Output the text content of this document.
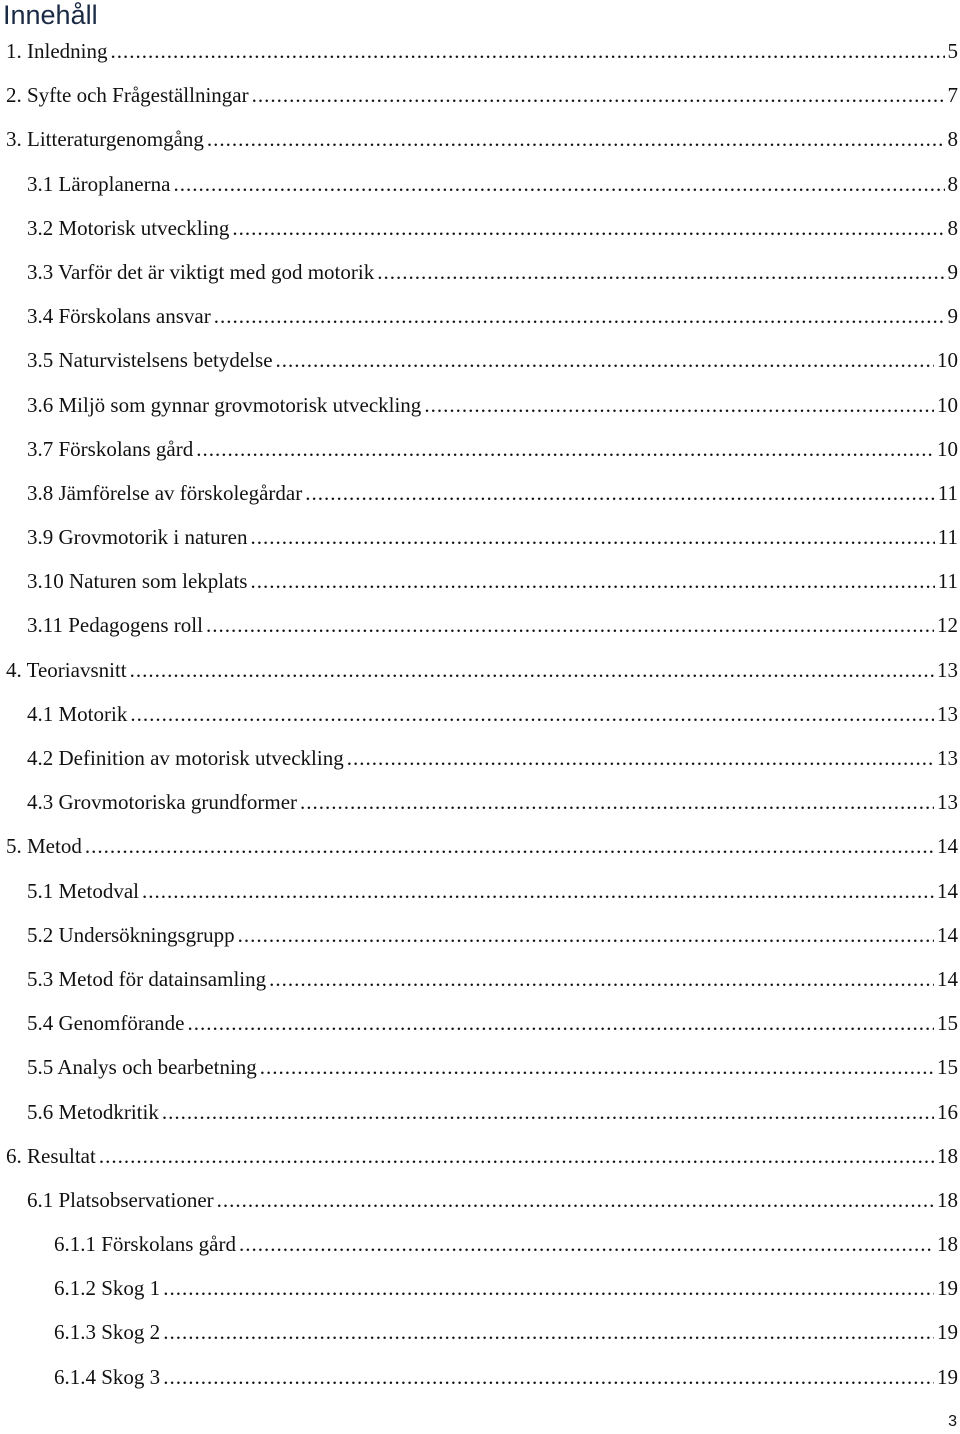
Innehåll
1. Inledning .....	5
2. Syfte och Frågeställningar .....	7
3. Litteraturgenomgång .....	8
3.1 Läroplanerna .....	8
3.2 Motorisk utveckling .....	8
3.3 Varför det är viktigt med god motorik .....	9
3.4 Förskolans ansvar .....	9
3.5 Naturvistelsens betydelse .....	10
3.6 Miljö som gynnar grovmotorisk utveckling .....	10
3.7 Förskolans gård .....	10
3.8 Jämförelse av förskolegårdar .....	11
3.9 Grovmotorik i naturen .....	11
3.10 Naturen som lekplats .....	11
3.11 Pedagogens roll .....	12
4. Teoriavsnitt .....	13
4.1 Motorik .....	13
4.2 Definition av motorisk utveckling .....	13
4.3 Grovmotoriska grundformer .....	13
5. Metod .....	14
5.1 Metodval .....	14
5.2 Undersökningsgrupp .....	14
5.3 Metod för datainsamling .....	14
5.4 Genomförande .....	15
5.5 Analys och bearbetning .....	15
5.6 Metodkritik .....	16
6. Resultat .....	18
6.1 Platsobservationer .....	18
6.1.1 Förskolans gård .....	18
6.1.2 Skog 1 .....	19
6.1.3 Skog 2 .....	19
6.1.4 Skog 3 .....	19
3
